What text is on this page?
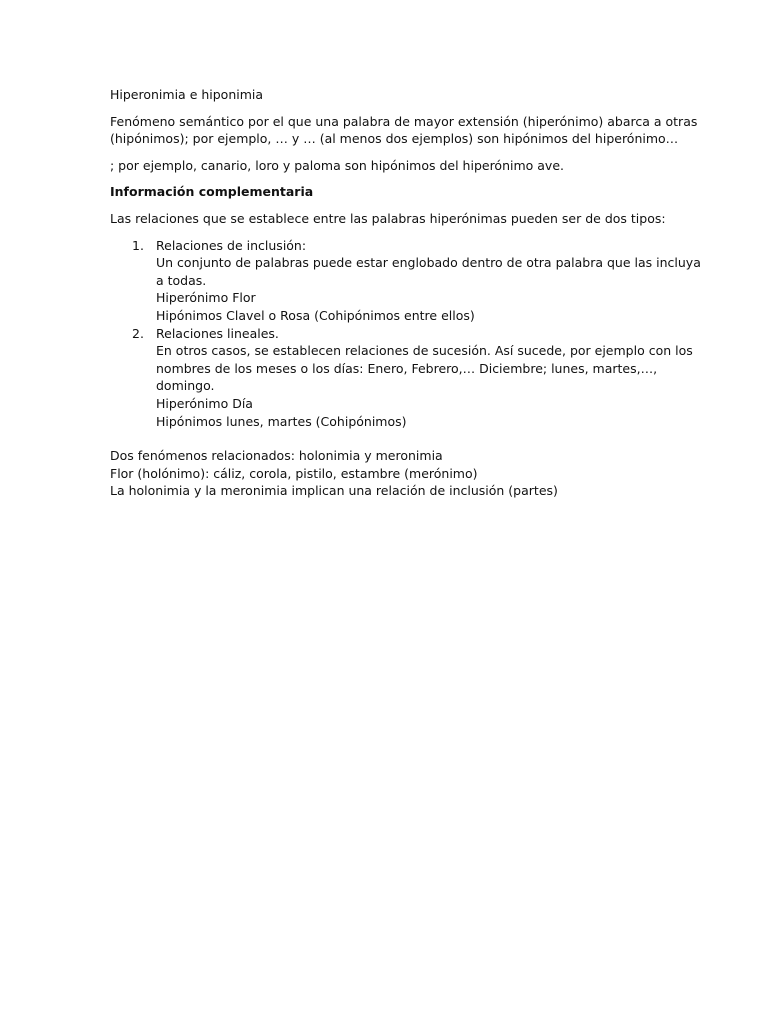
Hiperonimia e hiponimia

Fenómeno semántico por el que una palabra de mayor extensión (hiperónimo) abarca a otras
(hipónimos); por ejemplo, … y … (al menos dos ejemplos) son hipónimos del hiperónimo…

; por ejemplo, canario, loro y paloma son hipónimos del hiperónimo ave.

Información complementaria

Las relaciones que se establece entre las palabras hiperónimas pueden ser de dos tipos:

1. Relaciones de inclusión:
Un conjunto de palabras puede estar englobado dentro de otra palabra que las incluya
a todas.
Hiperónimo Flor
Hipónimos Clavel o Rosa (Cohipónimos entre ellos)
2. Relaciones lineales.
En otros casos, se establecen relaciones de sucesión. Así sucede, por ejemplo con los
nombres de los meses o los días: Enero, Febrero,… Diciembre; lunes, martes,…,
domingo.
Hiperónimo Día
Hipónimos lunes, martes (Cohipónimos)

Dos fenómenos relacionados: holonimia y meronimia
Flor (holónimo): cáliz, corola, pistilo, estambre (merónimo)
La holonimia y la meronimia implican una relación de inclusión (partes)
